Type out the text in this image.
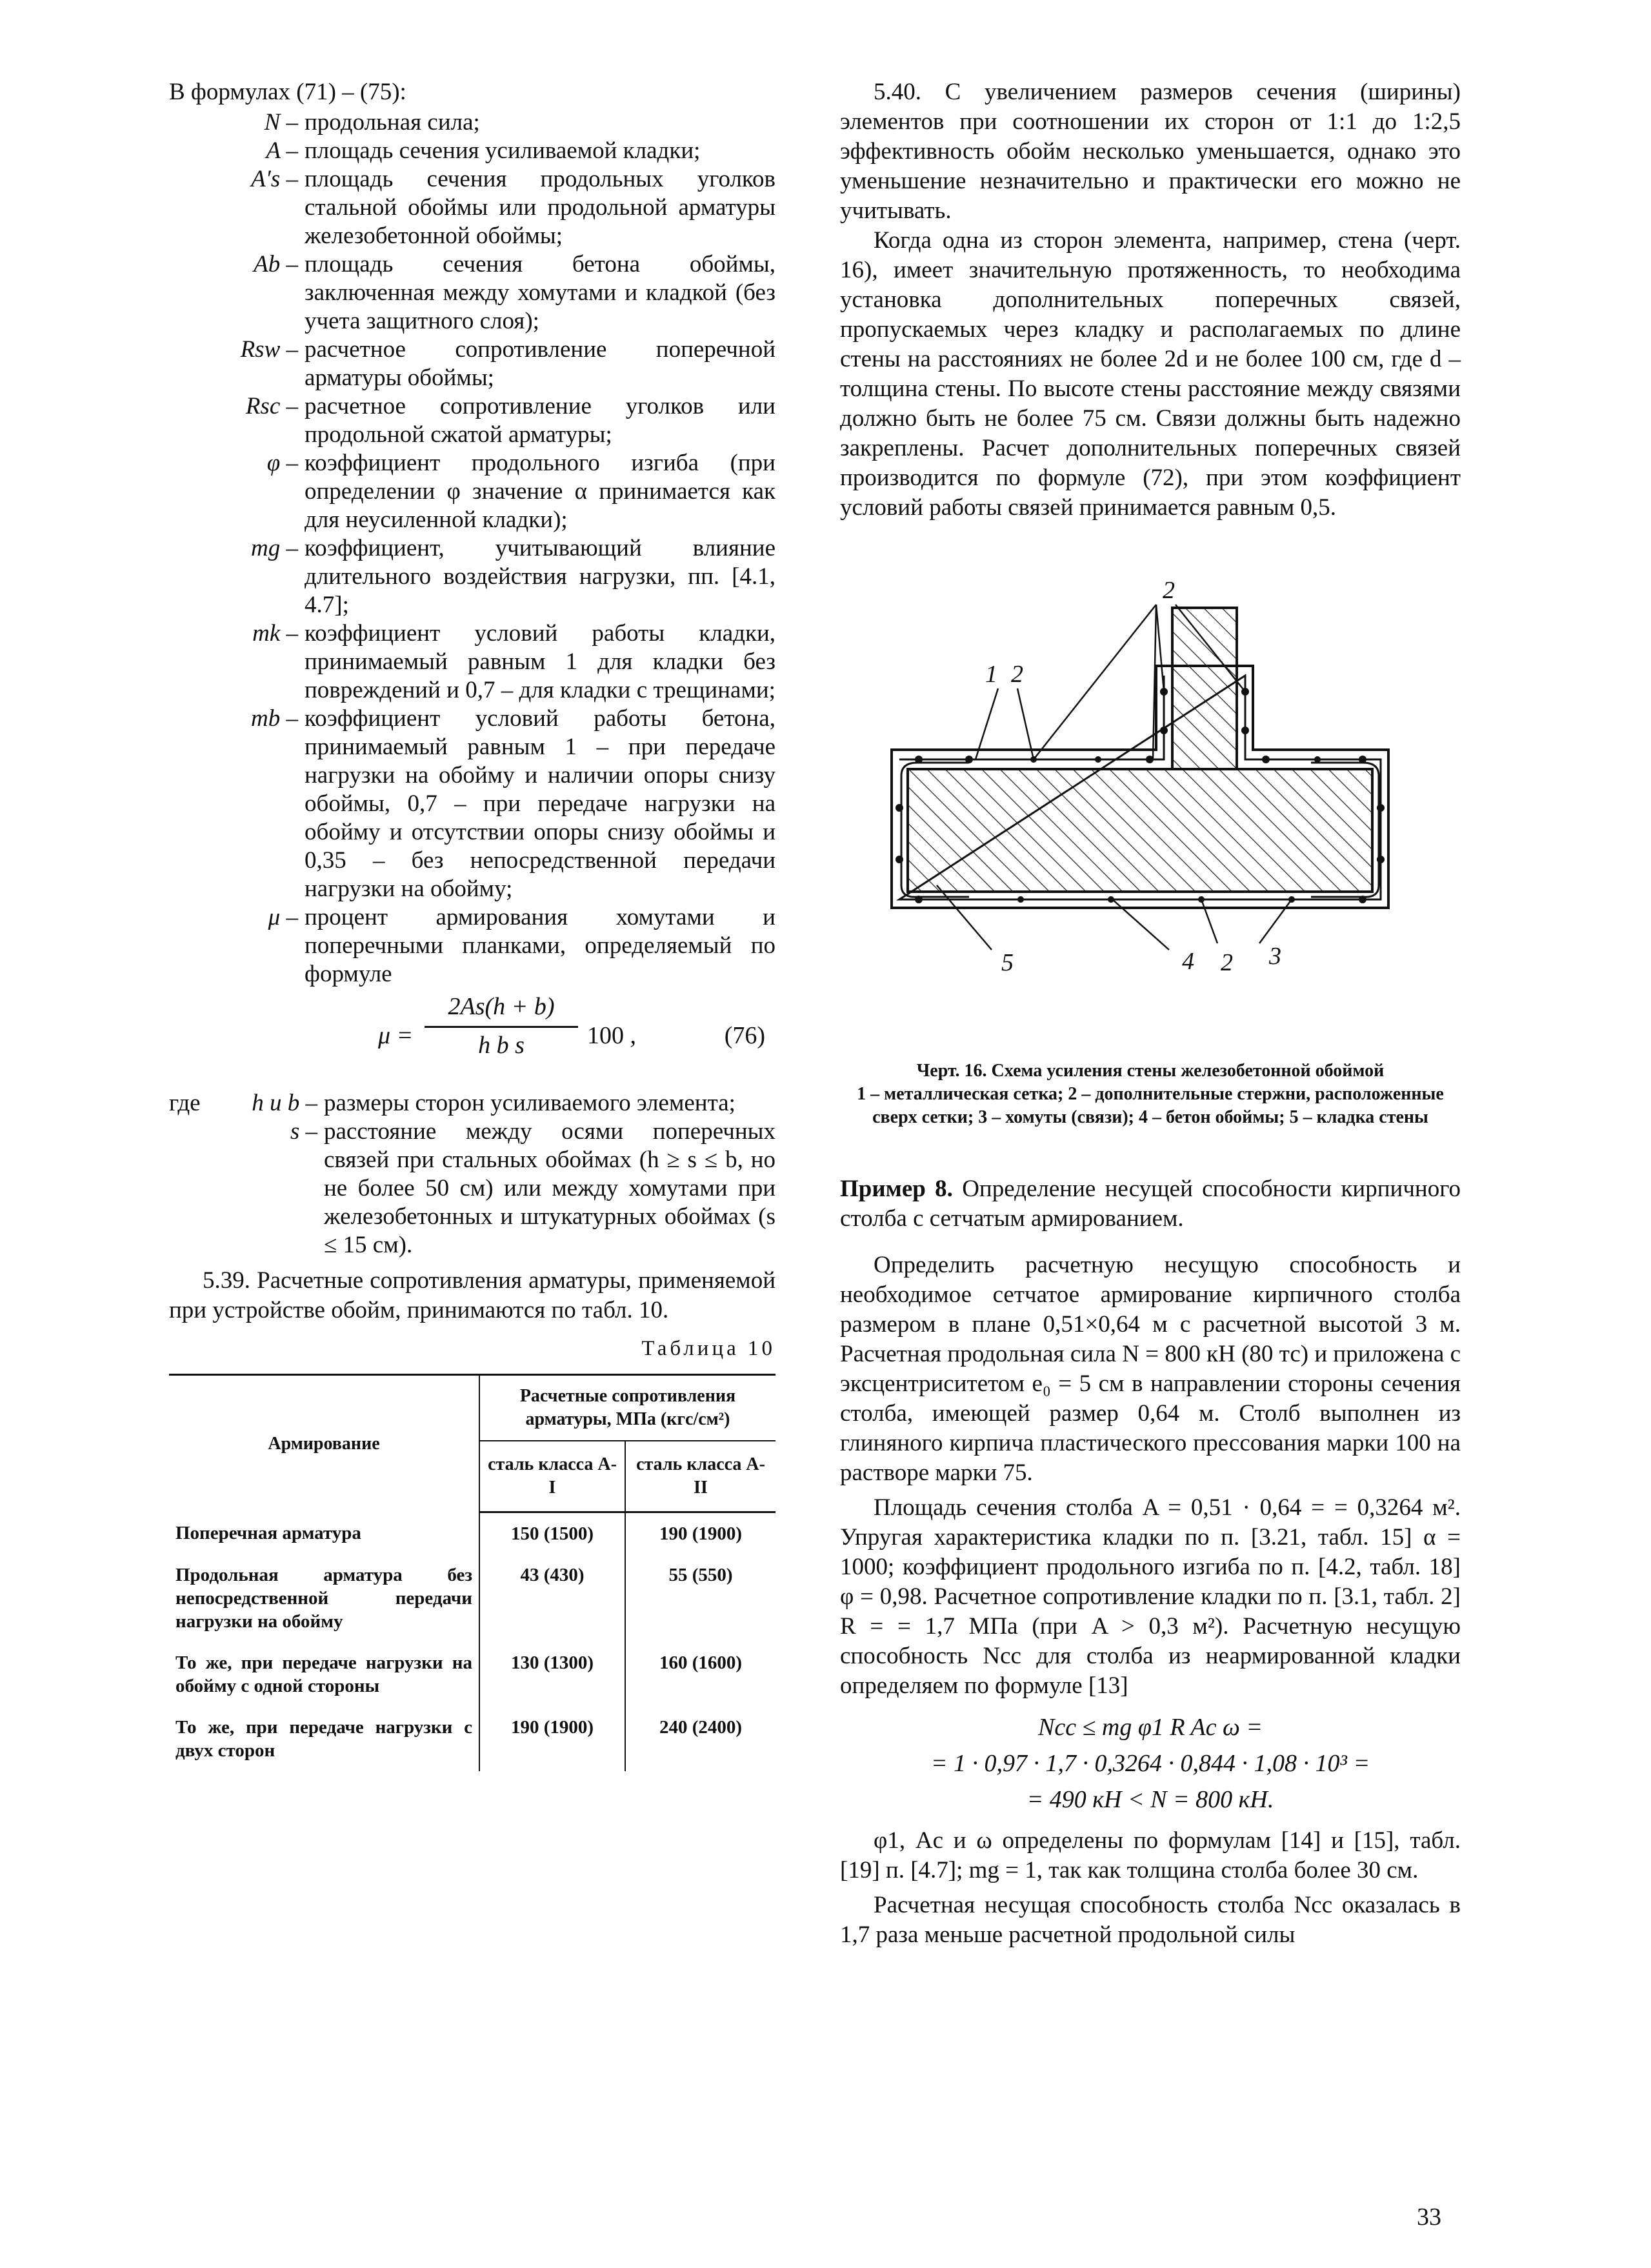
В формулах (71) – (75):

N – продольная сила;
A – площадь сечения усиливаемой кладки;
A′s – площадь сечения продольных уголков стальной обоймы или продольной арматуры железобетонной обоймы;
Ab – площадь сечения бетона обоймы, заключенная между хомутами и кладкой (без учета защитного слоя);
Rsw – расчетное сопротивление поперечной арматуры обоймы;
Rsc – расчетное сопротивление уголков или продольной сжатой арматуры;
φ – коэффициент продольного изгиба (при определении φ значение α принимается как для неусиленной кладки);
mg – коэффициент, учитывающий влияние длительного воздействия нагрузки, пп. [4.1, 4.7];
mk – коэффициент условий работы кладки, принимаемый равным 1 для кладки без повреждений и 0,7 – для кладки с трещинами;
mb – коэффициент условий работы бетона, принимаемый равным 1 – при передаче нагрузки на обойму и наличии опоры снизу обоймы, 0,7 – при передаче нагрузки на обойму и отсутствии опоры снизу обоймы и 0,35 – без непосредственной передачи нагрузки на обойму;
μ – процент армирования хомутами и поперечными планками, определяемый по формуле
μ =
2As(h + b)
h b s	100 ,	(76)
где	h и b – размеры сторон усиливаемого элемента;
s – расстояние между осями поперечных связей при стальных обоймах (h ≥ s ≤ b, но не более 50 см) или между хомутами при железобетонных и штукатурных обоймах (s ≤ 15 см).

5.39. Расчетные сопротивления арматуры, применяемой при устройстве обойм, принимаются по табл. 10.

Таблица 10
Армирование	Расчетные сопротивления арматуры, МПа (кгс/см²)	
	сталь класса А-I	сталь класса А-II
Поперечная арматура	150 (1500)	190 (1900)
Продольная арматура без непосредственной передачи нагрузки на обойму	43 (430)	55 (550)
То же, при передаче нагрузки на обойму с одной стороны	130 (1300)	160 (1600)
То же, при передаче нагрузки с двух сторон	190 (1900)	240 (2400)

5.40. С увеличением размеров сечения (ширины) элементов при соотношении их сторон от 1:1 до 1:2,5 эффективность обойм несколько уменьшается, однако это уменьшение незначительно и практически его можно не учитывать.

Когда одна из сторон элемента, например, стена (черт. 16), имеет значительную протяженность, то необходима установка дополнительных поперечных связей, пропускаемых через кладку и располагаемых по длине стены на расстояниях не более 2d и не более 100 см, где d – толщина стены. По высоте стены расстояние между связями должно быть не более 75 см. Связи должны быть надежно закреплены. Расчет дополнительных поперечных связей производится по формуле (72), при этом коэффициент условий работы связей принимается равным 0,5.

1 2
2
5	4 2 3
Черт. 16. Схема усиления стены железобетонной обоймой
1 – металлическая сетка; 2 – дополнительные стержни, расположенные сверх сетки; 3 – хомуты (связи); 4 – бетон обоймы; 5 – кладка стены

Пример 8. Определение несущей способности кирпичного столба с сетчатым армированием.

Определить расчетную несущую способность и необходимое сетчатое армирование кирпичного столба размером в плане 0,51×0,64 м с расчетной высотой 3 м. Расчетная продольная сила N = 800 кН (80 тс) и приложена с эксцентриситетом e₀ = 5 см в направлении стороны сечения столба, имеющей размер 0,64 м. Столб выполнен из глиняного кирпича пластического прессования марки 100 на растворе марки 75.

Площадь сечения столба A = 0,51 · 0,64 = = 0,3264 м². Упругая характеристика кладки по п. [3.21, табл. 15] α = 1000; коэффициент продольного изгиба по п. [4.2, табл. 18] φ = 0,98. Расчетное сопротивление кладки по п. [3.1, табл. 2] R = = 1,7 МПа (при A > 0,3 м²). Расчетную несущую способность Ncc для столба из неармированной кладки определяем по формуле [13]

Ncc ≤ mg φ1 R Ac ω =
= 1 · 0,97 · 1,7 · 0,3264 · 0,844 · 1,08 · 10³ =
= 490 кН < N = 800 кН.

φ1, Ac и ω определены по формулам [14] и [15], табл. [19] п. [4.7]; mg = 1, так как толщина столба более 30 см.

Расчетная несущая способность столба Ncc оказалась в 1,7 раза меньше расчетной продольной силы

33
